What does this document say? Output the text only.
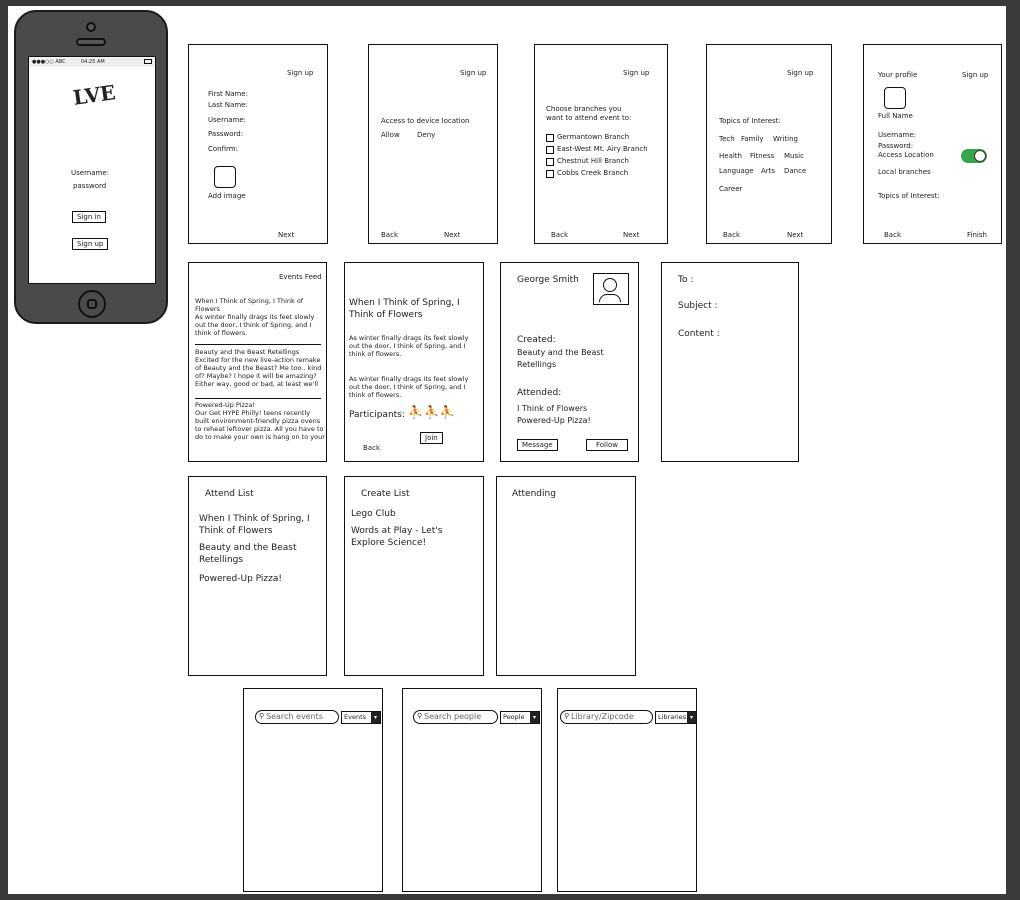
●●●○○ ABC	04:25 AM
LVE
Username:
password
Sign in
Sign up
Sign up
First Name:
Last Name:
Username:
Password:
Confirm:
Add image
Next
Sign up
Access to device location
Allow Deny
Back	Next
Sign up
Choose branches you
want to attend event to:
Germantown Branch
East-West Mt. Airy Branch
Chestnut Hill Branch
Cobbs Creek Branch
Back	Next
Sign up
Topics of Interest:
Tech Family Writing
Health Fitness Music
Language Arts Dance
Career
Back	Next
Your profile	Sign up
Full Name
Username:
Password:
Access Location
Local branches
Topics of Interest:
Back	Finish
Events Feed
When I Think of Spring, I Think of Flowers
As winter finally drags its feet slowly out the door, I think of Spring, and I think of flowers.
Beauty and the Beast Retellings
Excited for the new live-action remake of Beauty and the Beast? Me too.. kind of? Maybe? I hope it will be amazing? Either way, good or bad, at least we'll
Powered-Up Pizza!
Our Get HYPE Philly! teens recently built environment-friendly pizza ovens to reheat leftover pizza. All you have to do to make your own is hang on to your
When I Think of Spring, I Think of Flowers
As winter finally drags its feet slowly out the door, I think of Spring, and I think of flowers.
As winter finally drags its feet slowly out the door, I think of Spring, and I think of flowers.
Participants: ⛹⛹⛹
Join
Back
George Smith
Created:
Beauty and the Beast Retellings
Attended:
I Think of Flowers
Powered-Up Pizza!
Message	Follow
To :
Subject :
Content :
Attend List
When I Think of Spring, I Think of Flowers
Beauty and the Beast Retellings
Powered-Up Pizza!
Create List
Lego Club
Words at Play - Let's Explore Science!
Attending
⚲ Search events	Events	▾	⚲ Search people	People	▾	⚲ Library/Zipcode	Libraries ▾
